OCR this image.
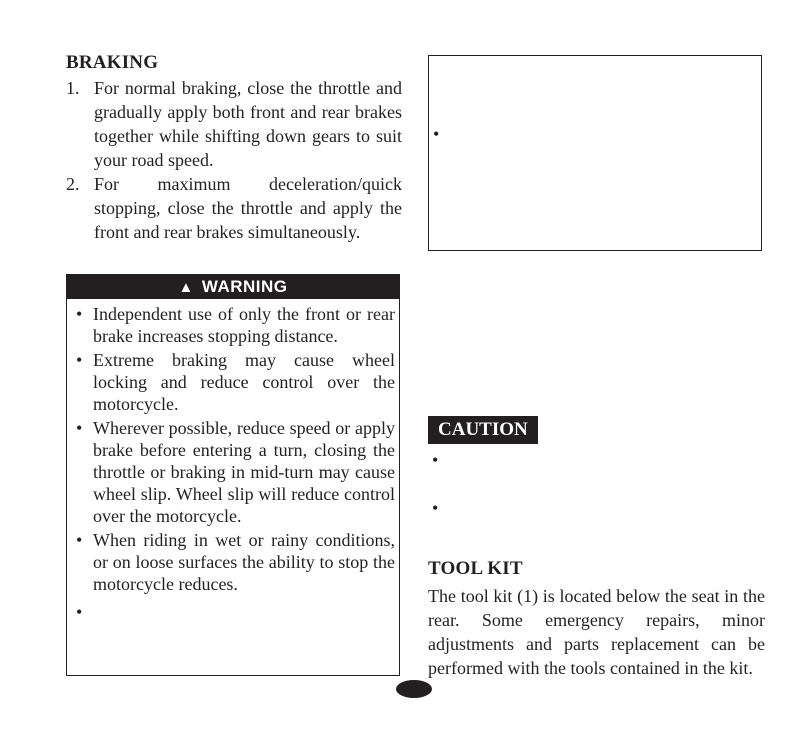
BRAKING
1. For normal braking, close the throttle and gradually apply both front and rear brakes together while shifting down gears to suit your road speed.
2. For maximum deceleration/quick stopping, close the throttle and apply the front and rear brakes simultaneously.
▲ WARNING
• Independent use of only the front or rear brake increases stopping distance.
• Extreme braking may cause wheel locking and reduce control over the motorcycle.
• Wherever possible, reduce speed or apply brake before entering a turn, closing the throttle or braking in mid-turn may cause wheel slip. Wheel slip will reduce control over the motorcycle.
• When riding in wet or rainy conditions, or on loose surfaces the ability to stop the motorcycle reduces.
•
•
CAUTION
•
•
TOOL KIT
The tool kit (1) is located below the seat in the rear. Some emergency repairs, minor adjustments and parts replacement can be performed with the tools contained in the kit.
